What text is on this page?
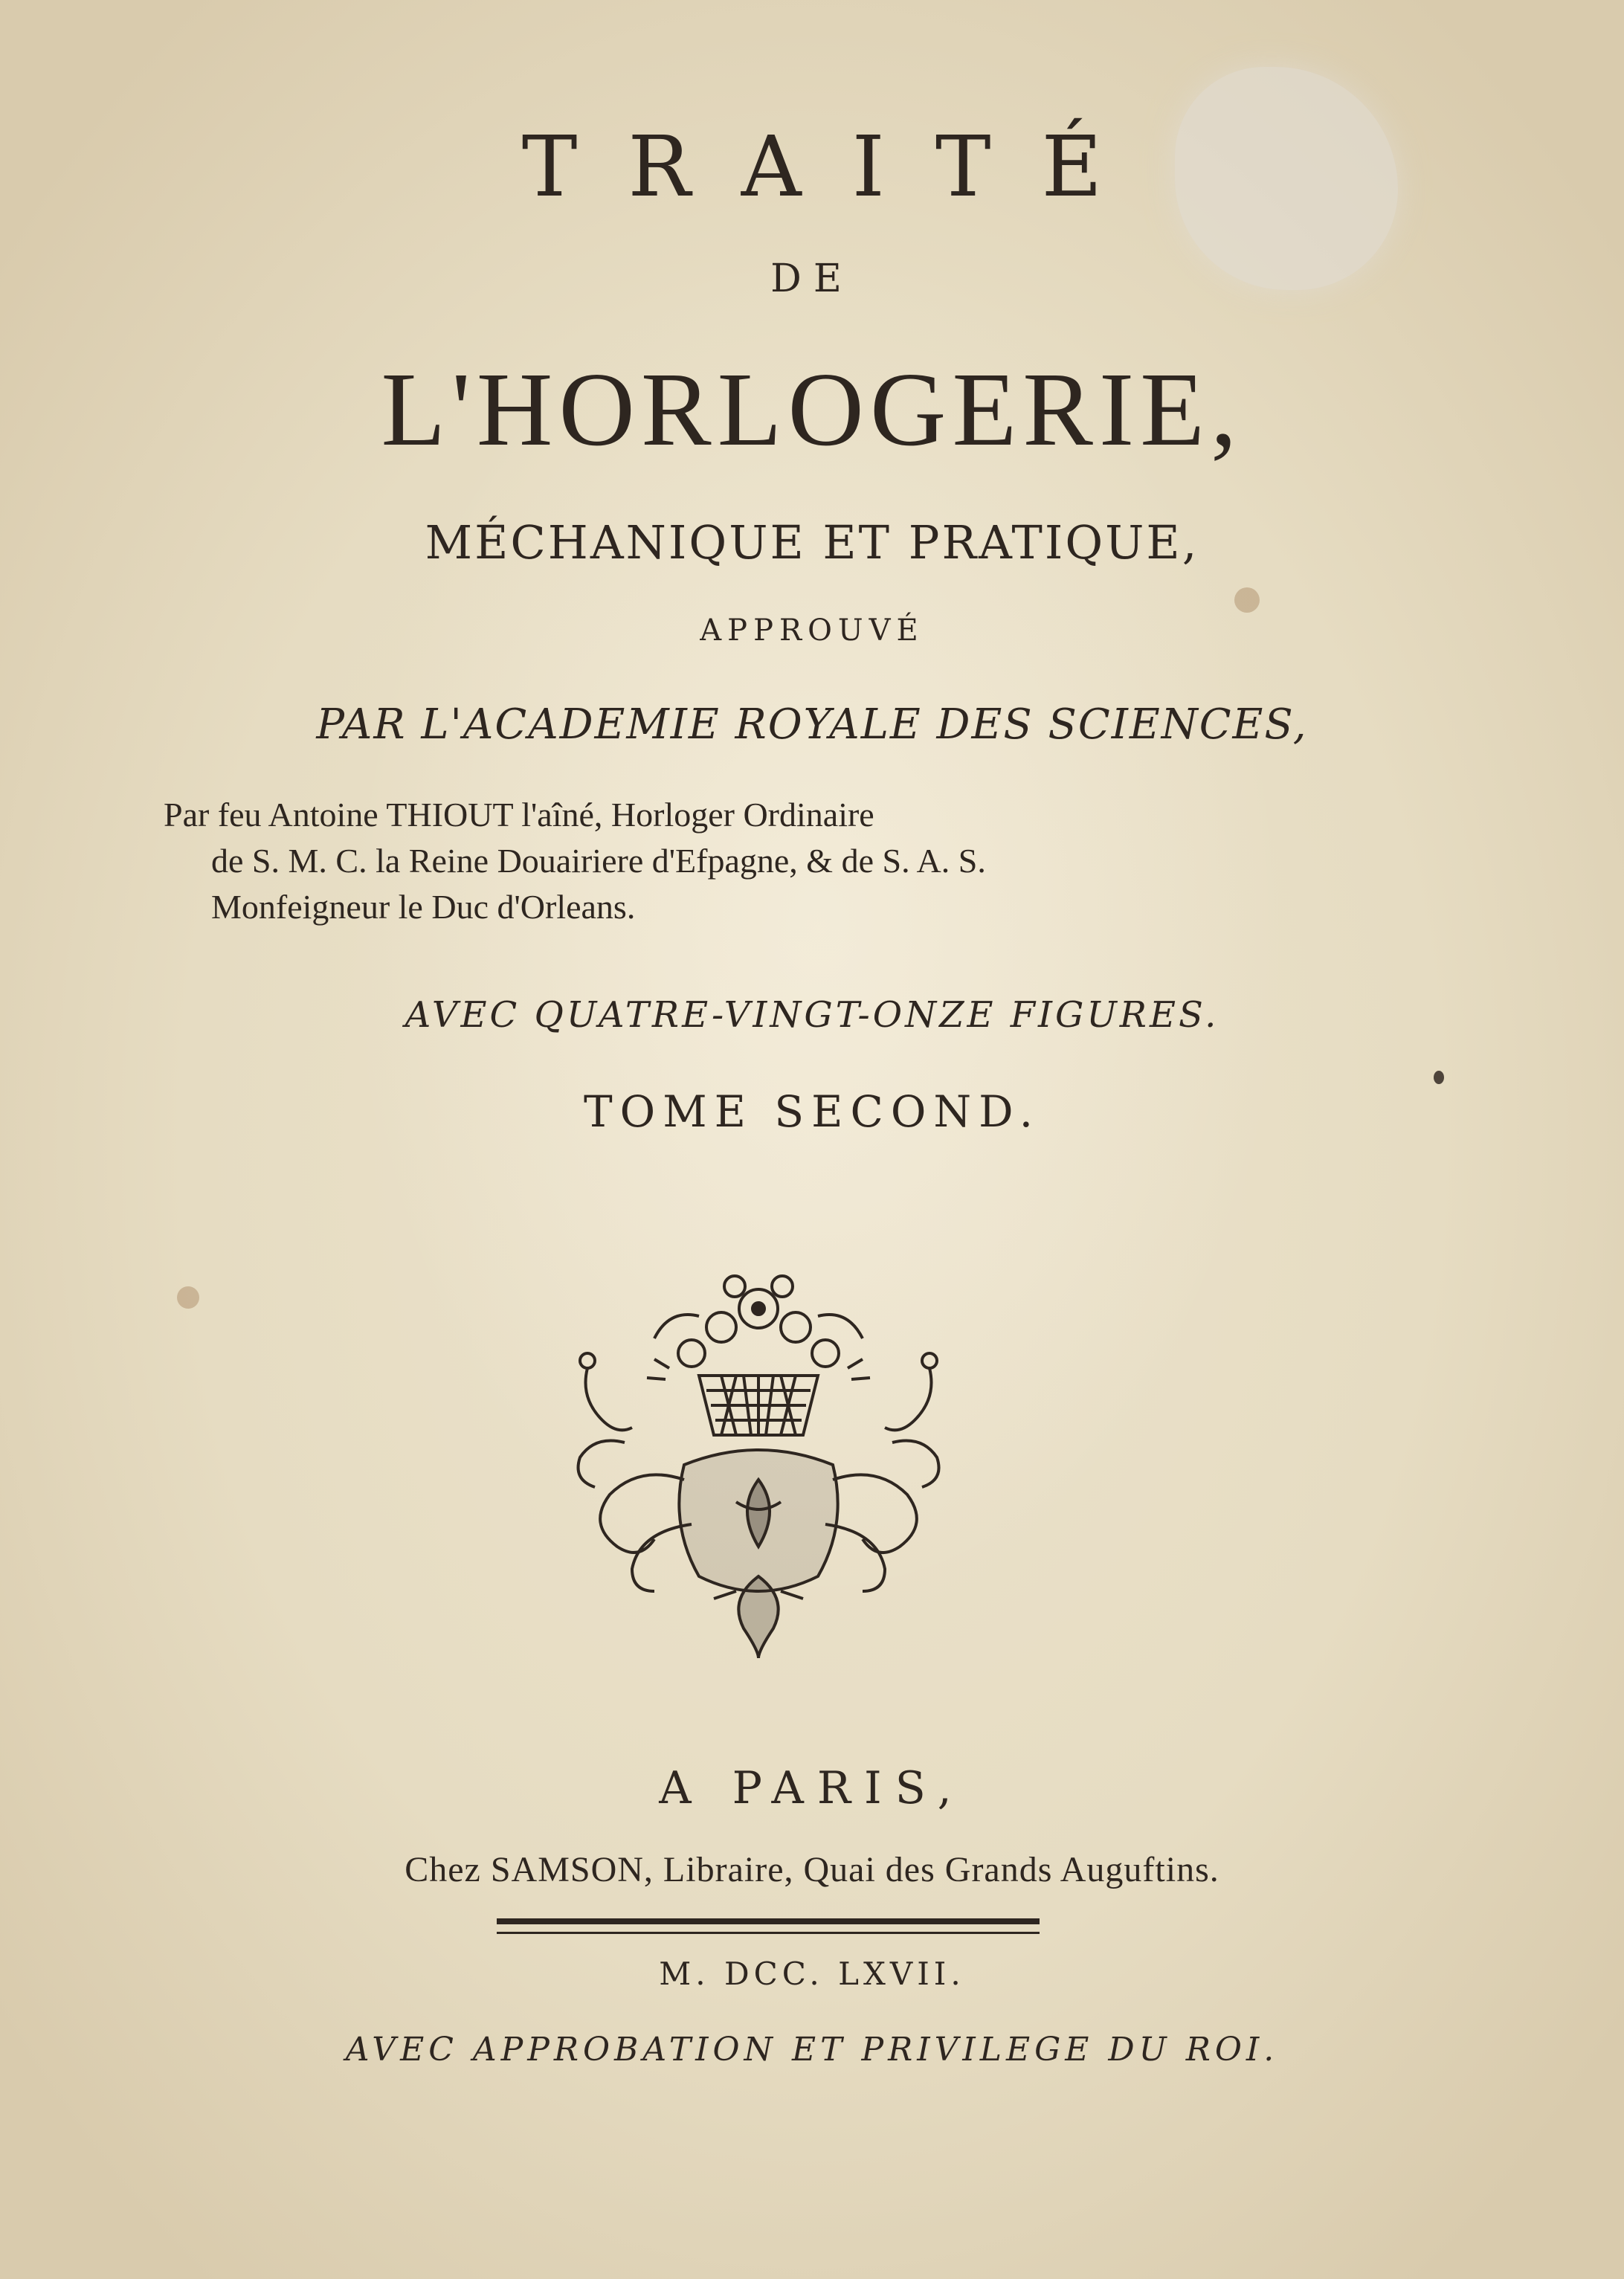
TRAITÉ
DE
L'HORLOGERIE,
MÉCHANIQUE ET PRATIQUE,
APPROUVÉ
PAR L'ACADEMIE ROYALE DES SCIENCES,
Par feu Antoine THIOUT l'aîné, Horloger Ordinaire
de S. M. C. la Reine Douairiere d'Efpagne, & de S. A. S.
Monfeigneur le Duc d'Orleans.
AVEC QUATRE-VINGT-ONZE FIGURES.
TOME SECOND.
A PARIS,
Chez SAMSON, Libraire, Quai des Grands Auguftins.
M. DCC. LXVII.
AVEC APPROBATION ET PRIVILEGE DU ROI.
